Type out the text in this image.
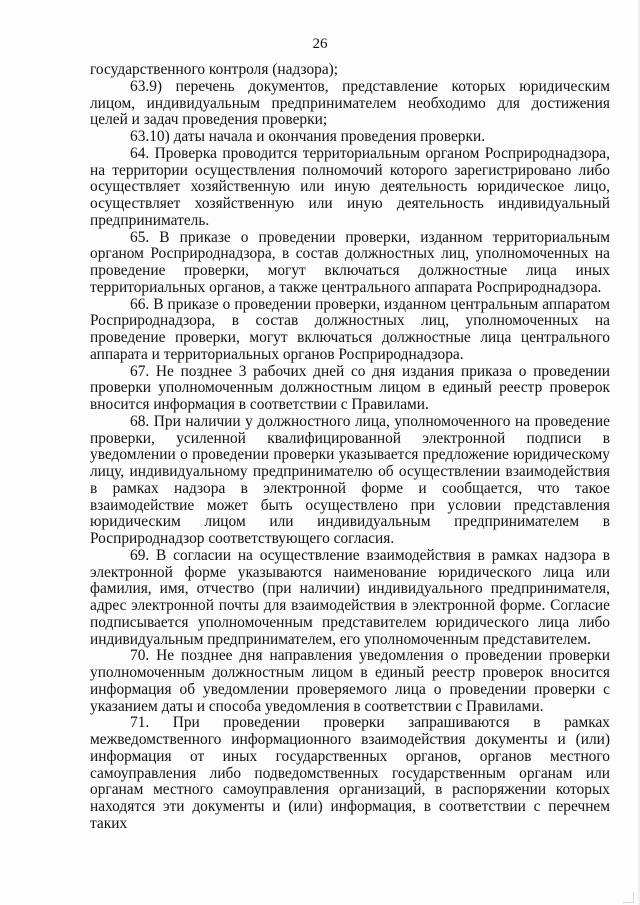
26

государственного контроля (надзора);

63.9) перечень документов, представление которых юридическим лицом, индивидуальным предпринимателем необходимо для достижения целей и задач проведения проверки;

63.10) даты начала и окончания проведения проверки.

64. Проверка проводится территориальным органом Росприроднадзора, на территории осуществления полномочий которого зарегистрировано либо осуществляет хозяйственную или иную деятельность юридическое лицо, осуществляет хозяйственную или иную деятельность индивидуальный предприниматель.

65. В приказе о проведении проверки, изданном территориальным органом Росприроднадзора, в состав должностных лиц, уполномоченных на проведение проверки, могут включаться должностные лица иных территориальных органов, а также центрального аппарата Росприроднадзора.

66. В приказе о проведении проверки, изданном центральным аппаратом Росприроднадзора, в состав должностных лиц, уполномоченных на проведение проверки, могут включаться должностные лица центрального аппарата и территориальных органов Росприроднадзора.

67. Не позднее 3 рабочих дней со дня издания приказа о проведении проверки уполномоченным должностным лицом в единый реестр проверок вносится информация в соответствии с Правилами.

68. При наличии у должностного лица, уполномоченного на проведение проверки, усиленной квалифицированной электронной подписи в уведомлении о проведении проверки указывается предложение юридическому лицу, индивидуальному предпринимателю об осуществлении взаимодействия в рамках надзора в электронной форме и сообщается, что такое взаимодействие может быть осуществлено при условии представления юридическим лицом или индивидуальным предпринимателем в Росприроднадзор соответствующего согласия.

69. В согласии на осуществление взаимодействия в рамках надзора в электронной форме указываются наименование юридического лица или фамилия, имя, отчество (при наличии) индивидуального предпринимателя, адрес электронной почты для взаимодействия в электронной форме. Согласие подписывается уполномоченным представителем юридического лица либо индивидуальным предпринимателем, его уполномоченным представителем.

70. Не позднее дня направления уведомления о проведении проверки уполномоченным должностным лицом в единый реестр проверок вносится информация об уведомлении проверяемого лица о проведении проверки с указанием даты и способа уведомления в соответствии с Правилами.

71. При проведении проверки запрашиваются в рамках межведомственного информационного взаимодействия документы и (или) информация от иных государственных органов, органов местного самоуправления либо подведомственных государственным органам или органам местного самоуправления организаций, в распоряжении которых находятся эти документы и (или) информация, в соответствии с перечнем таких
